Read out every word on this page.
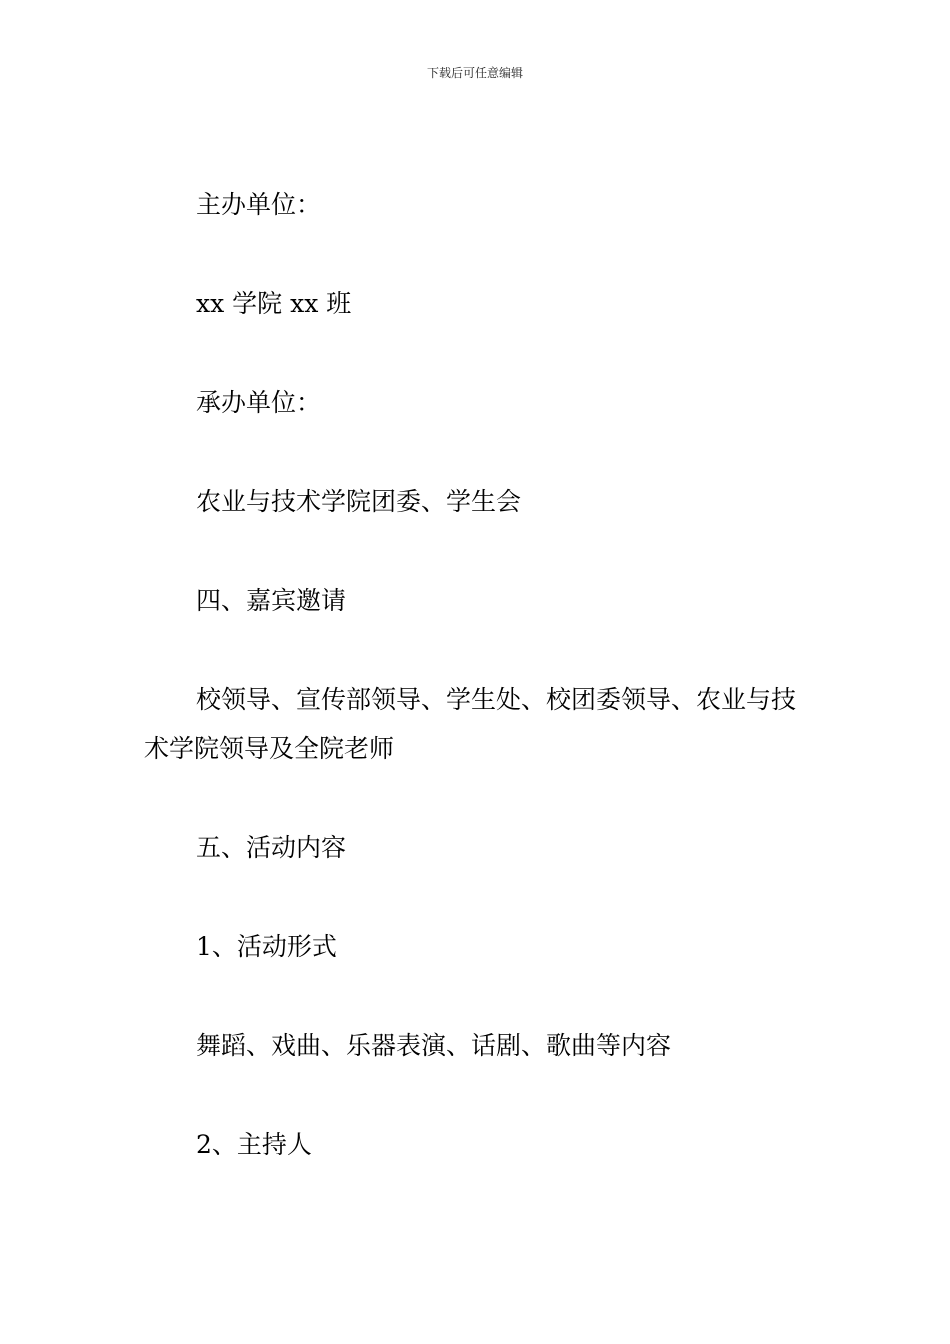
下载后可任意编辑

主办单位：

xx 学院 xx 班

承办单位：

农业与技术学院团委、学生会

四、嘉宾邀请

校领导、宣传部领导、学生处、校团委领导、农业与技术学院领导及全院老师

五、活动内容

1、活动形式

舞蹈、戏曲、乐器表演、话剧、歌曲等内容

2、主持人
